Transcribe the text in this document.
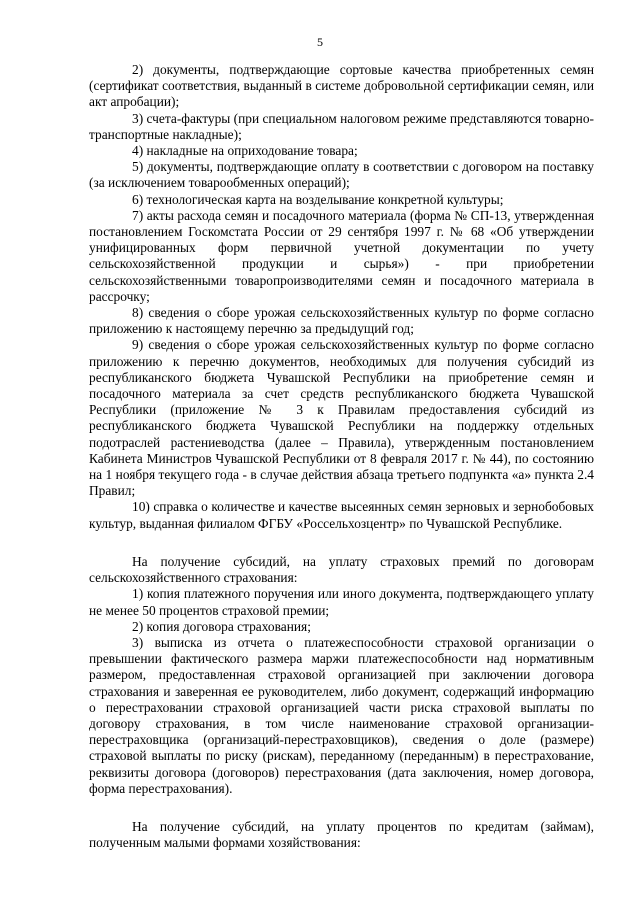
5

2) документы, подтверждающие сортовые качества приобретенных семян (сертификат соответствия, выданный в системе добровольной сертификации семян, или акт апробации);

3) счета-фактуры (при специальном налоговом режиме представляются товарно-транспортные накладные);

4) накладные на оприходование товара;

5) документы, подтверждающие оплату в соответствии с договором на поставку (за исключением товарообменных операций);

6) технологическая карта на возделывание конкретной культуры;

7) акты расхода семян и посадочного материала (форма № СП-13, утвержденная постановлением Госкомстата России от 29 сентября 1997 г. № 68 «Об утверждении унифицированных форм первичной учетной документации по учету сельскохозяйственной продукции и сырья») - при приобретении сельскохозяйственными товаропроизводителями семян и посадочного материала в рассрочку;

8) сведения о сборе урожая сельскохозяйственных культур по форме согласно приложению к настоящему перечню за предыдущий год;

9) сведения о сборе урожая сельскохозяйственных культур по форме согласно приложению к перечню документов, необходимых для получения субсидий из республиканского бюджета Чувашской Республики на приобретение семян и посадочного материала за счет средств республиканского бюджета Чувашской Республики (приложение № 3 к Правилам предоставления субсидий из республиканского бюджета Чувашской Республики на поддержку отдельных подотраслей растениеводства (далее – Правила), утвержденным постановлением Кабинета Министров Чувашской Республики от 8 февраля 2017 г. № 44), по состоянию на 1 ноября текущего года - в случае действия абзаца третьего подпункта «а» пункта 2.4 Правил;

10) справка о количестве и качестве высеянных семян зерновых и зернобобовых культур, выданная филиалом ФГБУ «Россельхозцентр» по Чувашской Республике.

На получение субсидий, на уплату страховых премий по договорам сельскохозяйственного страхования:

1) копия платежного поручения или иного документа, подтверждающего уплату не менее 50 процентов страховой премии;

2) копия договора страхования;

3) выписка из отчета о платежеспособности страховой организации о превышении фактического размера маржи платежеспособности над нормативным размером, предоставленная страховой организацией при заключении договора страхования и заверенная ее руководителем, либо документ, содержащий информацию о перестраховании страховой организацией части риска страховой выплаты по договору страхования, в том числе наименование страховой организации-перестраховщика (организаций-перестраховщиков), сведения о доле (размере) страховой выплаты по риску (рискам), переданному (переданным) в перестрахование, реквизиты договора (договоров) перестрахования (дата заключения, номер договора, форма перестрахования).

На получение субсидий, на уплату процентов по кредитам (займам), полученным малыми формами хозяйствования:
